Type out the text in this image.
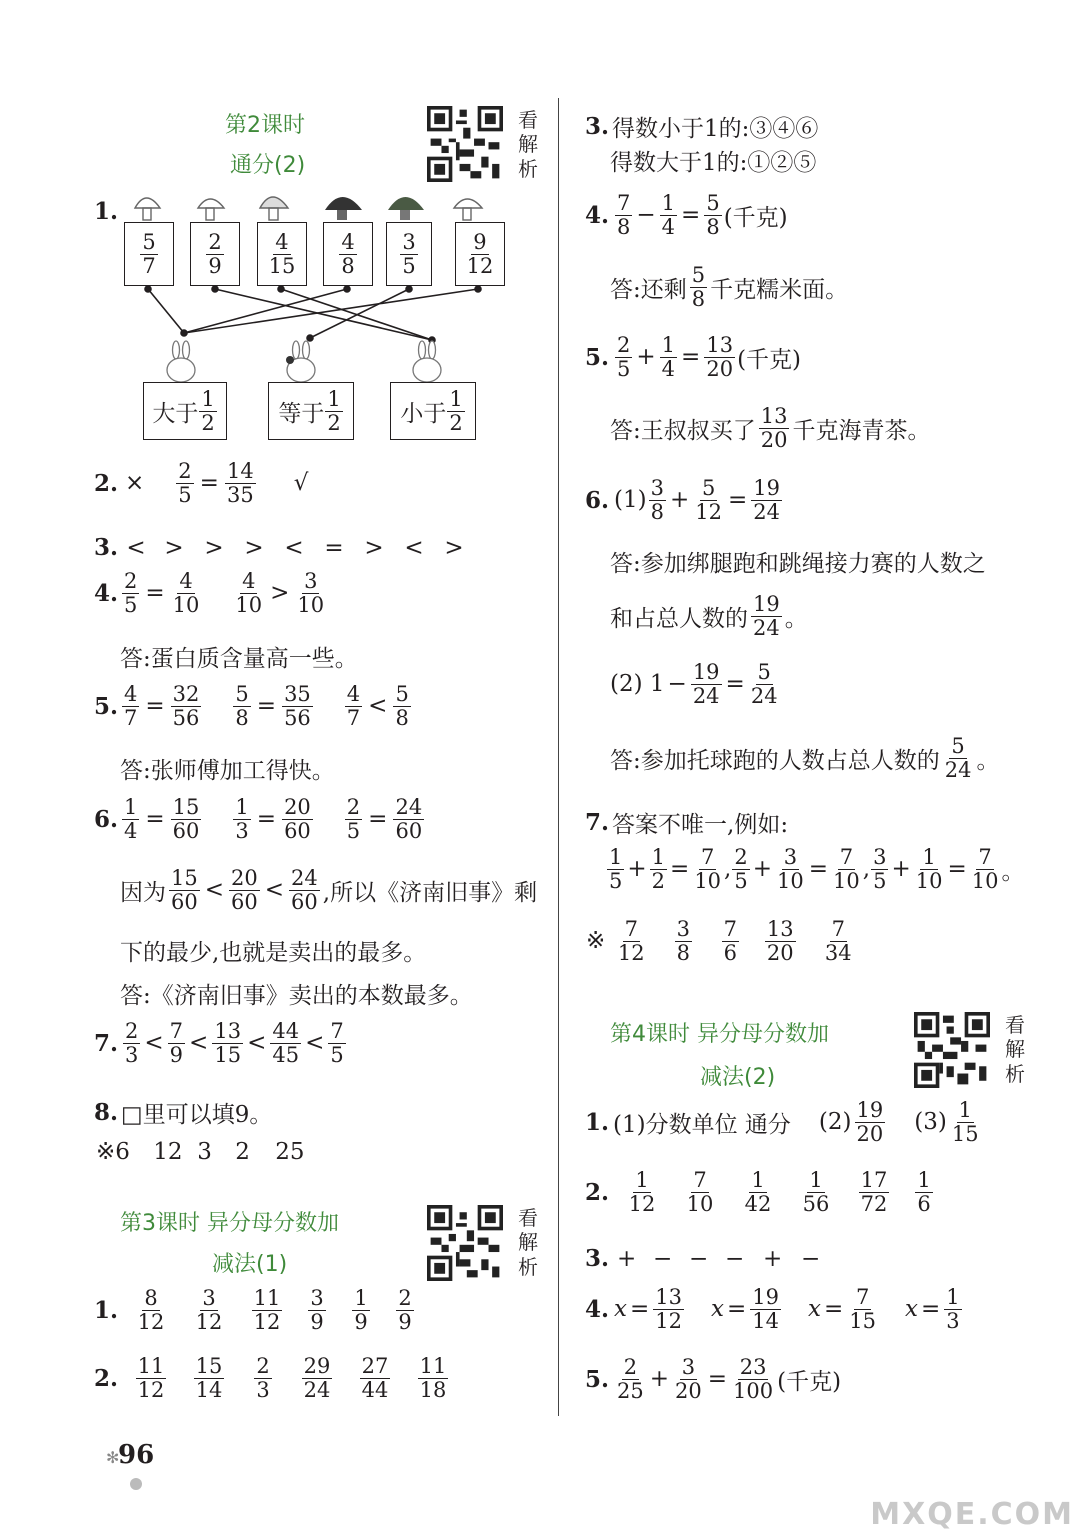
第2课时
通分(2)
看解析
1.
5
7
2
9
4
15
4
8
3
5
9
12
大于
1
2	等于
1
2	小于
1
2
2. × $\frac{2}{5} = \frac{14}{35}$ √
3. < > > > < = > < >
4. $\frac{2}{5} = \frac{4}{10} 4$
10 > 3
10
答:蛋白质含量高一些。
5. $\frac{4}{7} = \frac{32}{56} \frac{5}{8} = \frac{35}{56} 4$
7 < 5
8
答:张师傅加工得快。
6. $\frac{1}{4} = \frac{15}{60} \frac{1}{3} = \frac{20}{60} \frac{2}{5} = \frac{24}{60}$
因为
15
60 < 20
60 < 24
60 ,所以《济南旧事》剩
下的最少,也就是卖出的最多。
答:《济南旧事》卖出的本数最多。
7. 2
3 < 7
9 < 13
15 < 44
45 < 7
5
8. □里可以填9。
※ 6	12 3	2	25
第3课时 异分母分数加
减法(1)
看解析
1. 8
12
3
12
11
12
3
9
1
9
2
9
2. 11
12
15
14
2
3
29
24
27
44
11
18
✻
96
3. 得数小于1的:③④⑥
得数大于1的:①②⑤
4. 7
$8 - \frac{1}{4} = \frac{5}{8}$ (千克)
答:还剩
5
8 千克糯米面。
5. 2
$5 + \frac{1}{4} = \frac{13}{20}$ (千克)
答:王叔叔买了
13
20 千克海青茶。
6. (1) 3
$8 + \frac{5}{12} = \frac{19}{24}$
答:参加绑腿跑和跳绳接力赛的人数之
和占总人数的
19
24 。
(2) $1 - \frac{19}{24} = \frac{5}{24}$
答:参加托球跑的人数占总人数的
5
24 。
7. 答案不唯一,例如:
1
$5 + \frac{1}{2} = \frac{7}{10}$ , 2
$5 + \frac{3}{10} = \frac{7}{10}$ , 3
$5 + \frac{1}{10} = \frac{7}{10}$ 。
※ 7
12
3
8
7
6
13
20
7
34
第4课时 异分母分数加
减法(2)
看解析
1. (1)分数单位 通分 (2) 19
20 (3) 1
15
2. 1
12
7
10
1
42
1
56
17
72
1
6
3. + − − − + −
4. $x = \frac{13}{12}$ $x = \frac{19}{14}$ $x = \frac{7}{15}$ $x = \frac{1}{3}$
5. 2
$25 + \frac{3}{20} = \frac{23}{100}$ (千克)
MXQE.COM
